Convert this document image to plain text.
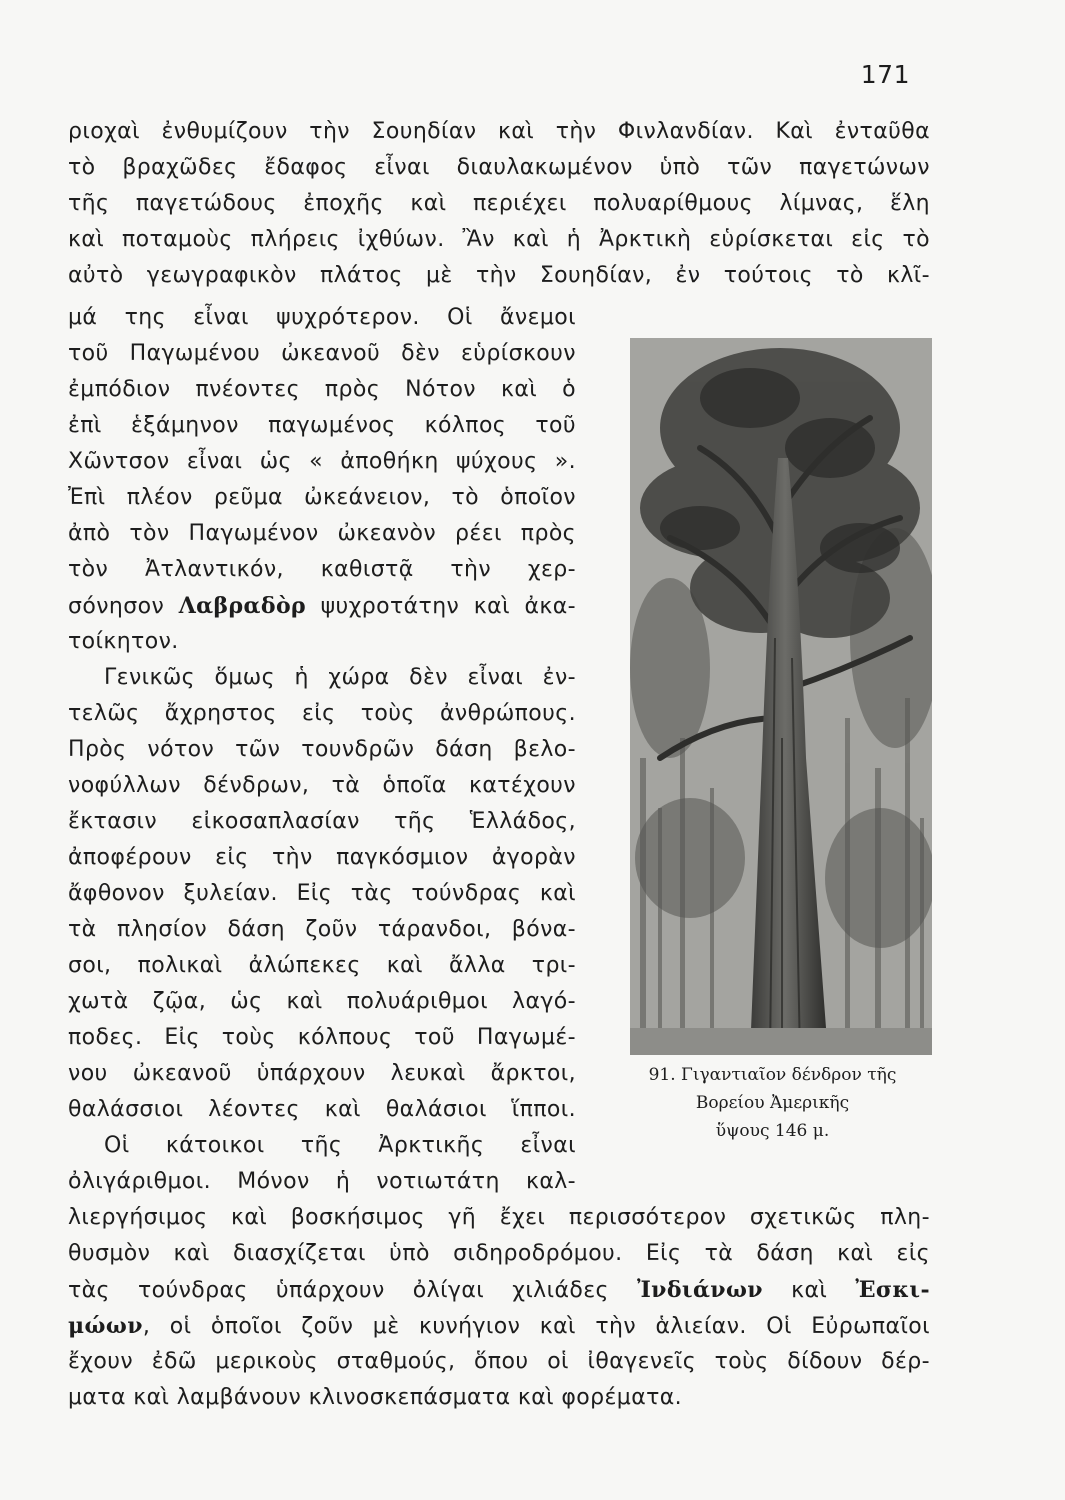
171
ριοχαὶ ἐνθυμίζουν τὴν Σουηδίαν καὶ τὴν Φινλανδίαν. Καὶ ἐνταῦθα
τὸ βραχῶδες ἔδαφος εἶναι διαυλακωμένον ὑπὸ τῶν παγετώνων
τῆς παγετώδους ἐποχῆς καὶ περιέχει πολυαρίθμους λίμνας, ἕλη
καὶ ποταμοὺς πλήρεις ἰχθύων. Ἂν καὶ ἡ Ἀρκτικὴ εὑρίσκεται εἰς τὸ
αὐτὸ γεωγραφικὸν πλάτος μὲ τὴν Σουηδίαν, ἐν τούτοις τὸ κλῖ-
μά της εἶναι ψυχρότερον. Οἱ ἄνεμοι
τοῦ Παγωμένου ὠκεανοῦ δὲν εὑρίσκουν
ἐμπόδιον πνέοντες πρὸς Νότον καὶ ὁ
ἐπὶ ἑξάμηνον παγωμένος κόλπος τοῦ
Χῶντσον εἶναι ὡς « ἀποθήκη ψύχους ».
Ἐπὶ πλέον ρεῦμα ὠκεάνειον, τὸ ὁποῖον
ἀπὸ τὸν Παγωμένον ὠκεανὸν ρέει πρὸς
τὸν Ἀτλαντικόν, καθιστᾷ τὴν χερ-
σόνησον Λαβραδὸρ ψυχροτάτην καὶ ἀκα-
τοίκητον.
Γενικῶς ὅμως ἡ χώρα δὲν εἶναι ἐν-
τελῶς ἄχρηστος εἰς τοὺς ἀνθρώπους.
Πρὸς νότον τῶν τουνδρῶν δάση βελο-
νοφύλλων δένδρων, τὰ ὁποῖα κατέχουν
ἔκτασιν εἰκοσαπλασίαν τῆς Ἑλλάδος,
ἀποφέρουν εἰς τὴν παγκόσμιον ἀγορὰν
ἄφθονον ξυλείαν. Εἰς τὰς τούνδρας καὶ
τὰ πλησίον δάση ζοῦν τάρανδοι, βόνα-
σοι, πολικαὶ ἀλώπεκες καὶ ἄλλα τρι-
χωτὰ ζῷα, ὡς καὶ πολυάριθμοι λαγό-
ποδες. Εἰς τοὺς κόλπους τοῦ Παγωμέ-
νου ὠκεανοῦ ὑπάρχουν λευκαὶ ἄρκτοι,
θαλάσσιοι λέοντες καὶ θαλάσιοι ἵπποι.
Οἱ κάτοικοι τῆς Ἀρκτικῆς εἶναι
ὀλιγάριθμοι. Μόνον ἡ νοτιωτάτη καλ-
λιεργήσιμος καὶ βοσκήσιμος γῆ ἔχει περισσότερον σχετικῶς πλη-
θυσμὸν καὶ διασχίζεται ὑπὸ σιδηροδρόμου. Εἰς τὰ δάση καὶ εἰς
τὰς τούνδρας ὑπάρχουν ὀλίγαι χιλιάδες Ἰνδιάνων καὶ Ἐσκι-
μώων, οἱ ὁποῖοι ζοῦν μὲ κυνήγιον καὶ τὴν ἁλιείαν. Οἱ Εὐρωπαῖοι
ἔχουν ἐδῶ μερικοὺς σταθμούς, ὅπου οἱ ἰθαγενεῖς τοὺς δίδουν δέρ-
ματα καὶ λαμβάνουν κλινοσκεπάσματα καὶ φορέματα.
91. Γιγαντιαῖον δένδρον τῆς
Βορείου Ἀμερικῆς
ὕψους 146 μ.
